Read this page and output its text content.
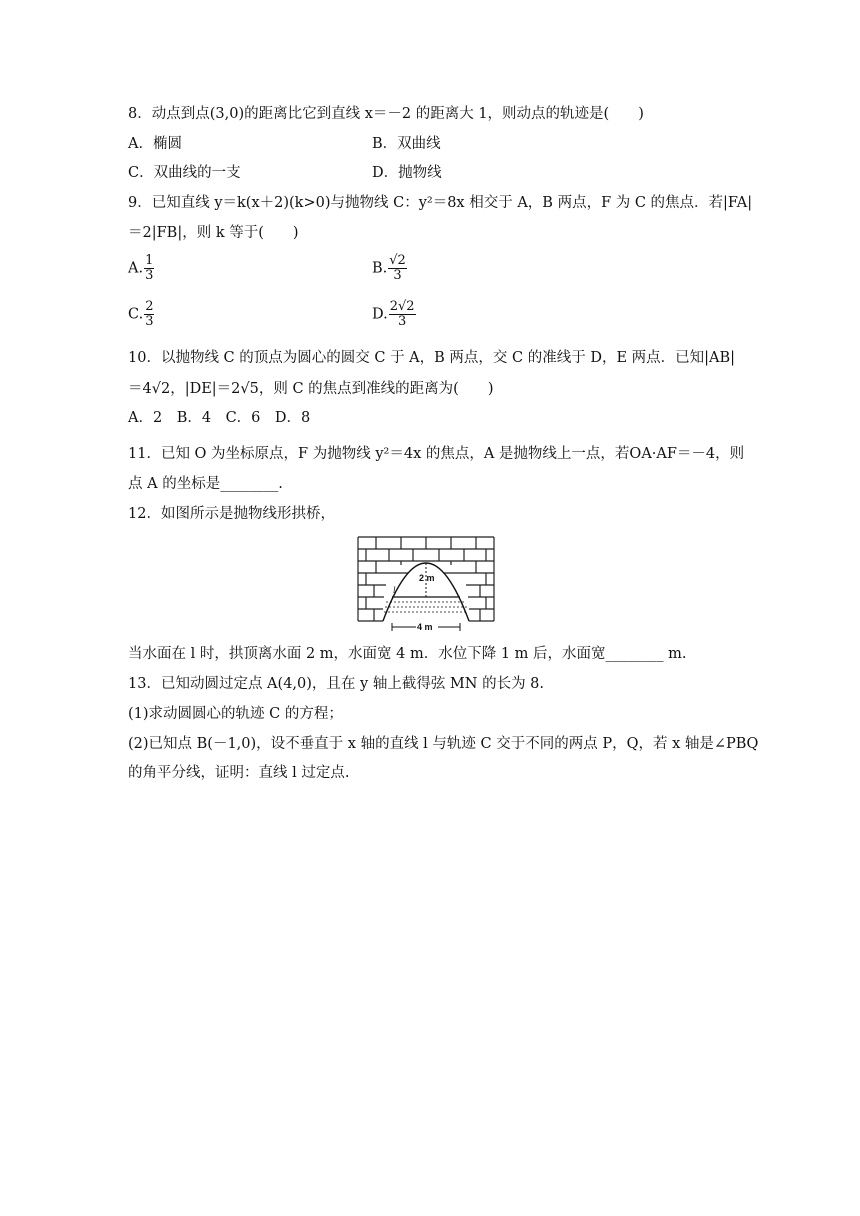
8．动点到点(3,0)的距离比它到直线 x＝－2 的距离大 1，则动点的轨迹是(　　)
A．椭圆	B．双曲线
C．双曲线的一支	D．抛物线
9．已知直线 y＝k(x＋2)(k>0)与抛物线 C：y²＝8x 相交于 A，B 两点，F 为 C 的焦点．若|FA|
＝2|FB|，则 k 等于(　　)
A. $\frac{1}{3}$	B. $\frac{√2}{3}$
C. $\frac{2}{3}$	D. $\frac{2√2}{3}$
10．以抛物线 C 的顶点为圆心的圆交 C 于 A，B 两点，交 C 的准线于 D，E 两点．已知|AB|
＝4√2，|DE|＝2√5，则 C 的焦点到准线的距离为(　　)
A．2　B．4　C．6　D．8
11．已知 O 为坐标原点，F 为抛物线 y²＝4x 的焦点，A 是抛物线上一点，若OA·AF＝－4，则
点 A 的坐标是________.
12．如图所示是抛物线形拱桥，
2 m
l
4 m
当水面在 l 时，拱顶离水面 2 m，水面宽 4 m．水位下降 1 m 后，水面宽________ m.
13．已知动圆过定点 A(4,0)，且在 y 轴上截得弦 MN 的长为 8.
(1)求动圆圆心的轨迹 C 的方程；
(2)已知点 B(－1,0)，设不垂直于 x 轴的直线 l 与轨迹 C 交于不同的两点 P，Q，若 x 轴是∠PBQ
的角平分线，证明：直线 l 过定点.
